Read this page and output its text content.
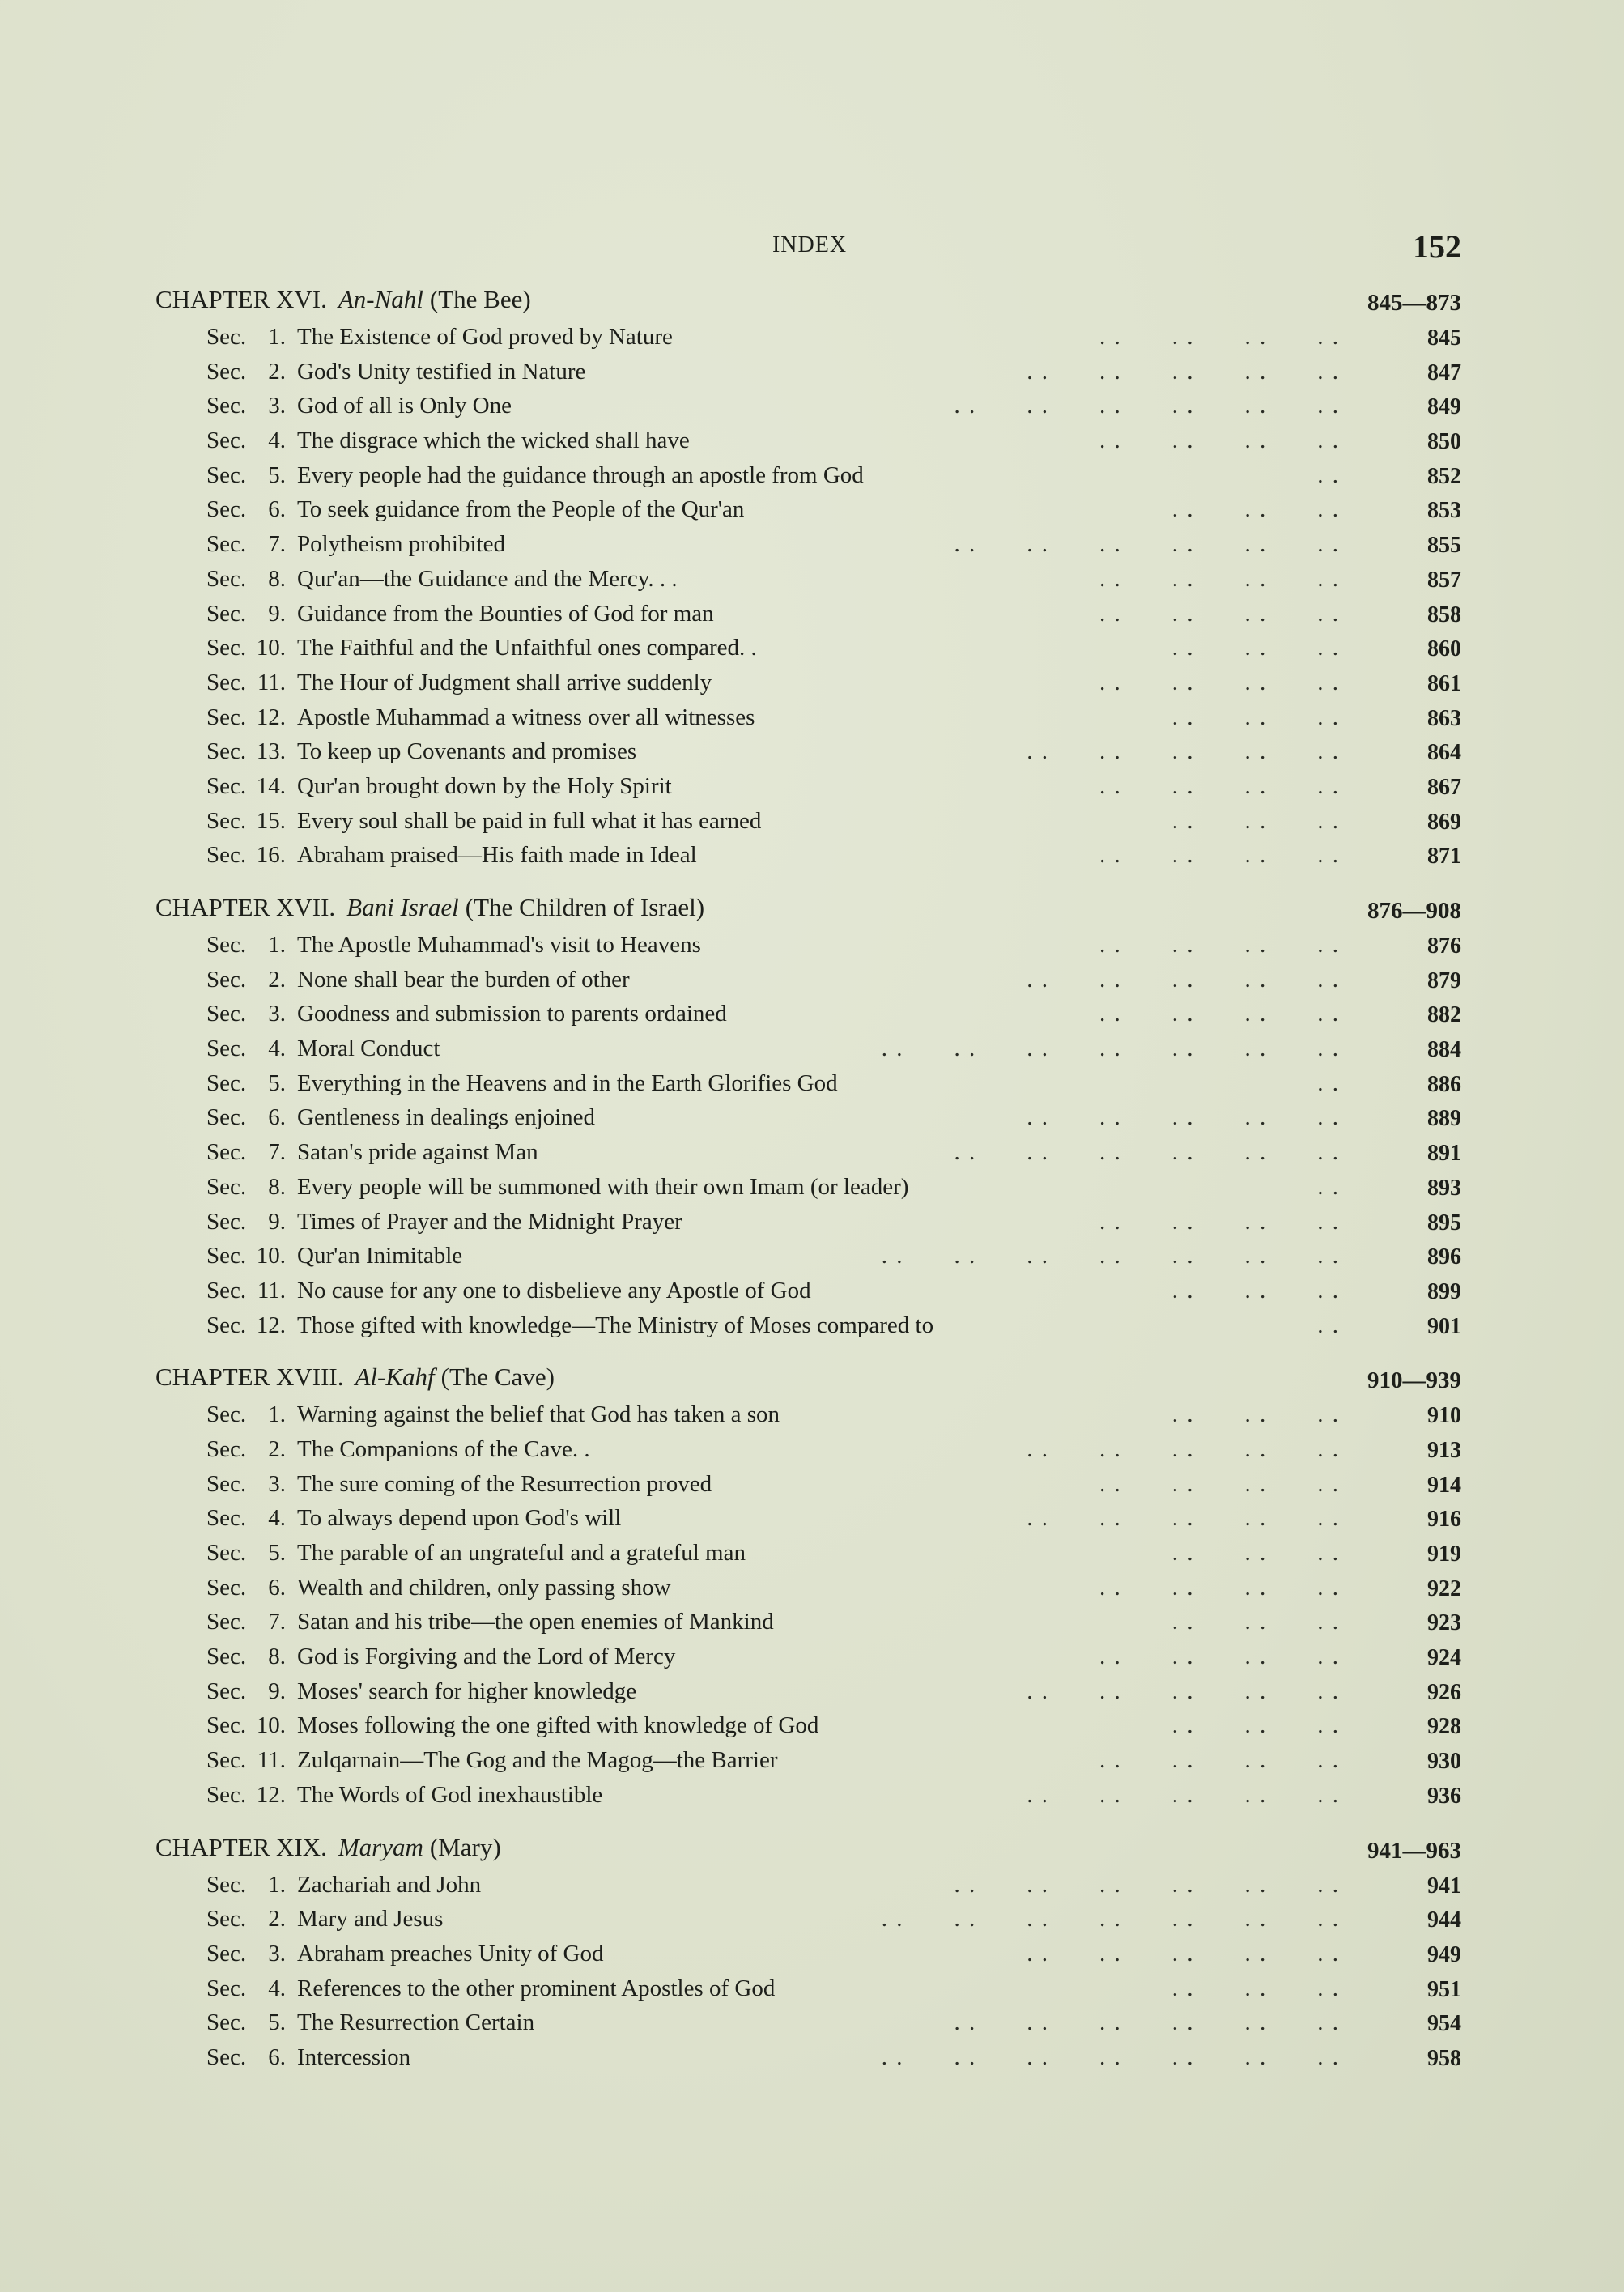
INDEX	152
CHAPTER XVI. An-Nahl (The Bee)	845—873
Sec. 1. The Existence of God proved by Nature	. .  . .  . .  . .	845
Sec. 2. God's Unity testified in Nature	. .  . .  . .  . .  . .	847
Sec. 3. God of all is Only One	. .  . .  . .  . .  . .  . .	849
Sec. 4. The disgrace which the wicked shall have	. .  . .  . .  . .	850
Sec. 5. Every people had the guidance through an apostle from God	. .	852
Sec. 6. To seek guidance from the People of the Qur'an	. .  . .  . .	853
Sec. 7. Polytheism prohibited	. .  . .  . .  . .  . .  . .	855
Sec. 8. Qur'an—the Guidance and the Mercy. . .	. .  . .  . .  . .	857
Sec. 9. Guidance from the Bounties of God for man	. .  . .  . .  . .	858
Sec. 10. The Faithful and the Unfaithful ones compared. .	. .  . .  . .	860
Sec. 11. The Hour of Judgment shall arrive suddenly	. .  . .  . .  . .	861
Sec. 12. Apostle Muhammad a witness over all witnesses	. .  . .  . .	863
Sec. 13. To keep up Covenants and promises	. .  . .  . .  . .  . .	864
Sec. 14. Qur'an brought down by the Holy Spirit	. .  . .  . .  . .	867
Sec. 15. Every soul shall be paid in full what it has earned	. .  . .  . .	869
Sec. 16. Abraham praised—His faith made in Ideal	. .  . .  . .  . .	871
CHAPTER XVII. Bani Israel (The Children of Israel)	876—908
Sec. 1. The Apostle Muhammad's visit to Heavens	. .  . .  . .  . .	876
Sec. 2. None shall bear the burden of other	. .  . .  . .  . .  . .	879
Sec. 3. Goodness and submission to parents ordained	. .  . .  . .  . .	882
Sec. 4. Moral Conduct	. .  . .  . .  . .  . .  . .  . .	884
Sec. 5. Everything in the Heavens and in the Earth Glorifies God	. .	886
Sec. 6. Gentleness in dealings enjoined	. .  . .  . .  . .  . .	889
Sec. 7. Satan's pride against Man	. .  . .  . .  . .  . .  . .	891
Sec. 8. Every people will be summoned with their own Imam (or leader)	. .	893
Sec. 9. Times of Prayer and the Midnight Prayer	. .  . .  . .  . .	895
Sec. 10. Qur'an Inimitable	. .  . .  . .  . .  . .  . .  . .	896
Sec. 11. No cause for any one to disbelieve any Apostle of God	. .  . .  . .	899
Sec. 12. Those gifted with knowledge—The Ministry of Moses compared to	. .	901
CHAPTER XVIII. Al-Kahf (The Cave)	910—939
Sec. 1. Warning against the belief that God has taken a son	. .  . .  . .	910
Sec. 2. The Companions of the Cave. .	. .  . .  . .  . .  . .	913
Sec. 3. The sure coming of the Resurrection proved	. .  . .  . .  . .	914
Sec. 4. To always depend upon God's will	. .  . .  . .  . .  . .	916
Sec. 5. The parable of an ungrateful and a grateful man	. .  . .  . .	919
Sec. 6. Wealth and children, only passing show	. .  . .  . .  . .	922
Sec. 7. Satan and his tribe—the open enemies of Mankind	. .  . .  . .	923
Sec. 8. God is Forgiving and the Lord of Mercy	. .  . .  . .  . .	924
Sec. 9. Moses' search for higher knowledge	. .  . .  . .  . .  . .	926
Sec. 10. Moses following the one gifted with knowledge of God	. .  . .  . .	928
Sec. 11. Zulqarnain—The Gog and the Magog—the Barrier	. .  . .  . .  . .	930
Sec. 12. The Words of God inexhaustible	. .  . .  . .  . .  . .	936
CHAPTER XIX. Maryam (Mary)	941—963
Sec. 1. Zachariah and John	. .  . .  . .  . .  . .  . .	941
Sec. 2. Mary and Jesus	. .  . .  . .  . .  . .  . .  . .	944
Sec. 3. Abraham preaches Unity of God	. .  . .  . .  . .  . .	949
Sec. 4. References to the other prominent Apostles of God	. .  . .  . .	951
Sec. 5. The Resurrection Certain	. .  . .  . .  . .  . .  . .	954
Sec. 6. Intercession	. .  . .  . .  . .  . .  . .  . .	958
